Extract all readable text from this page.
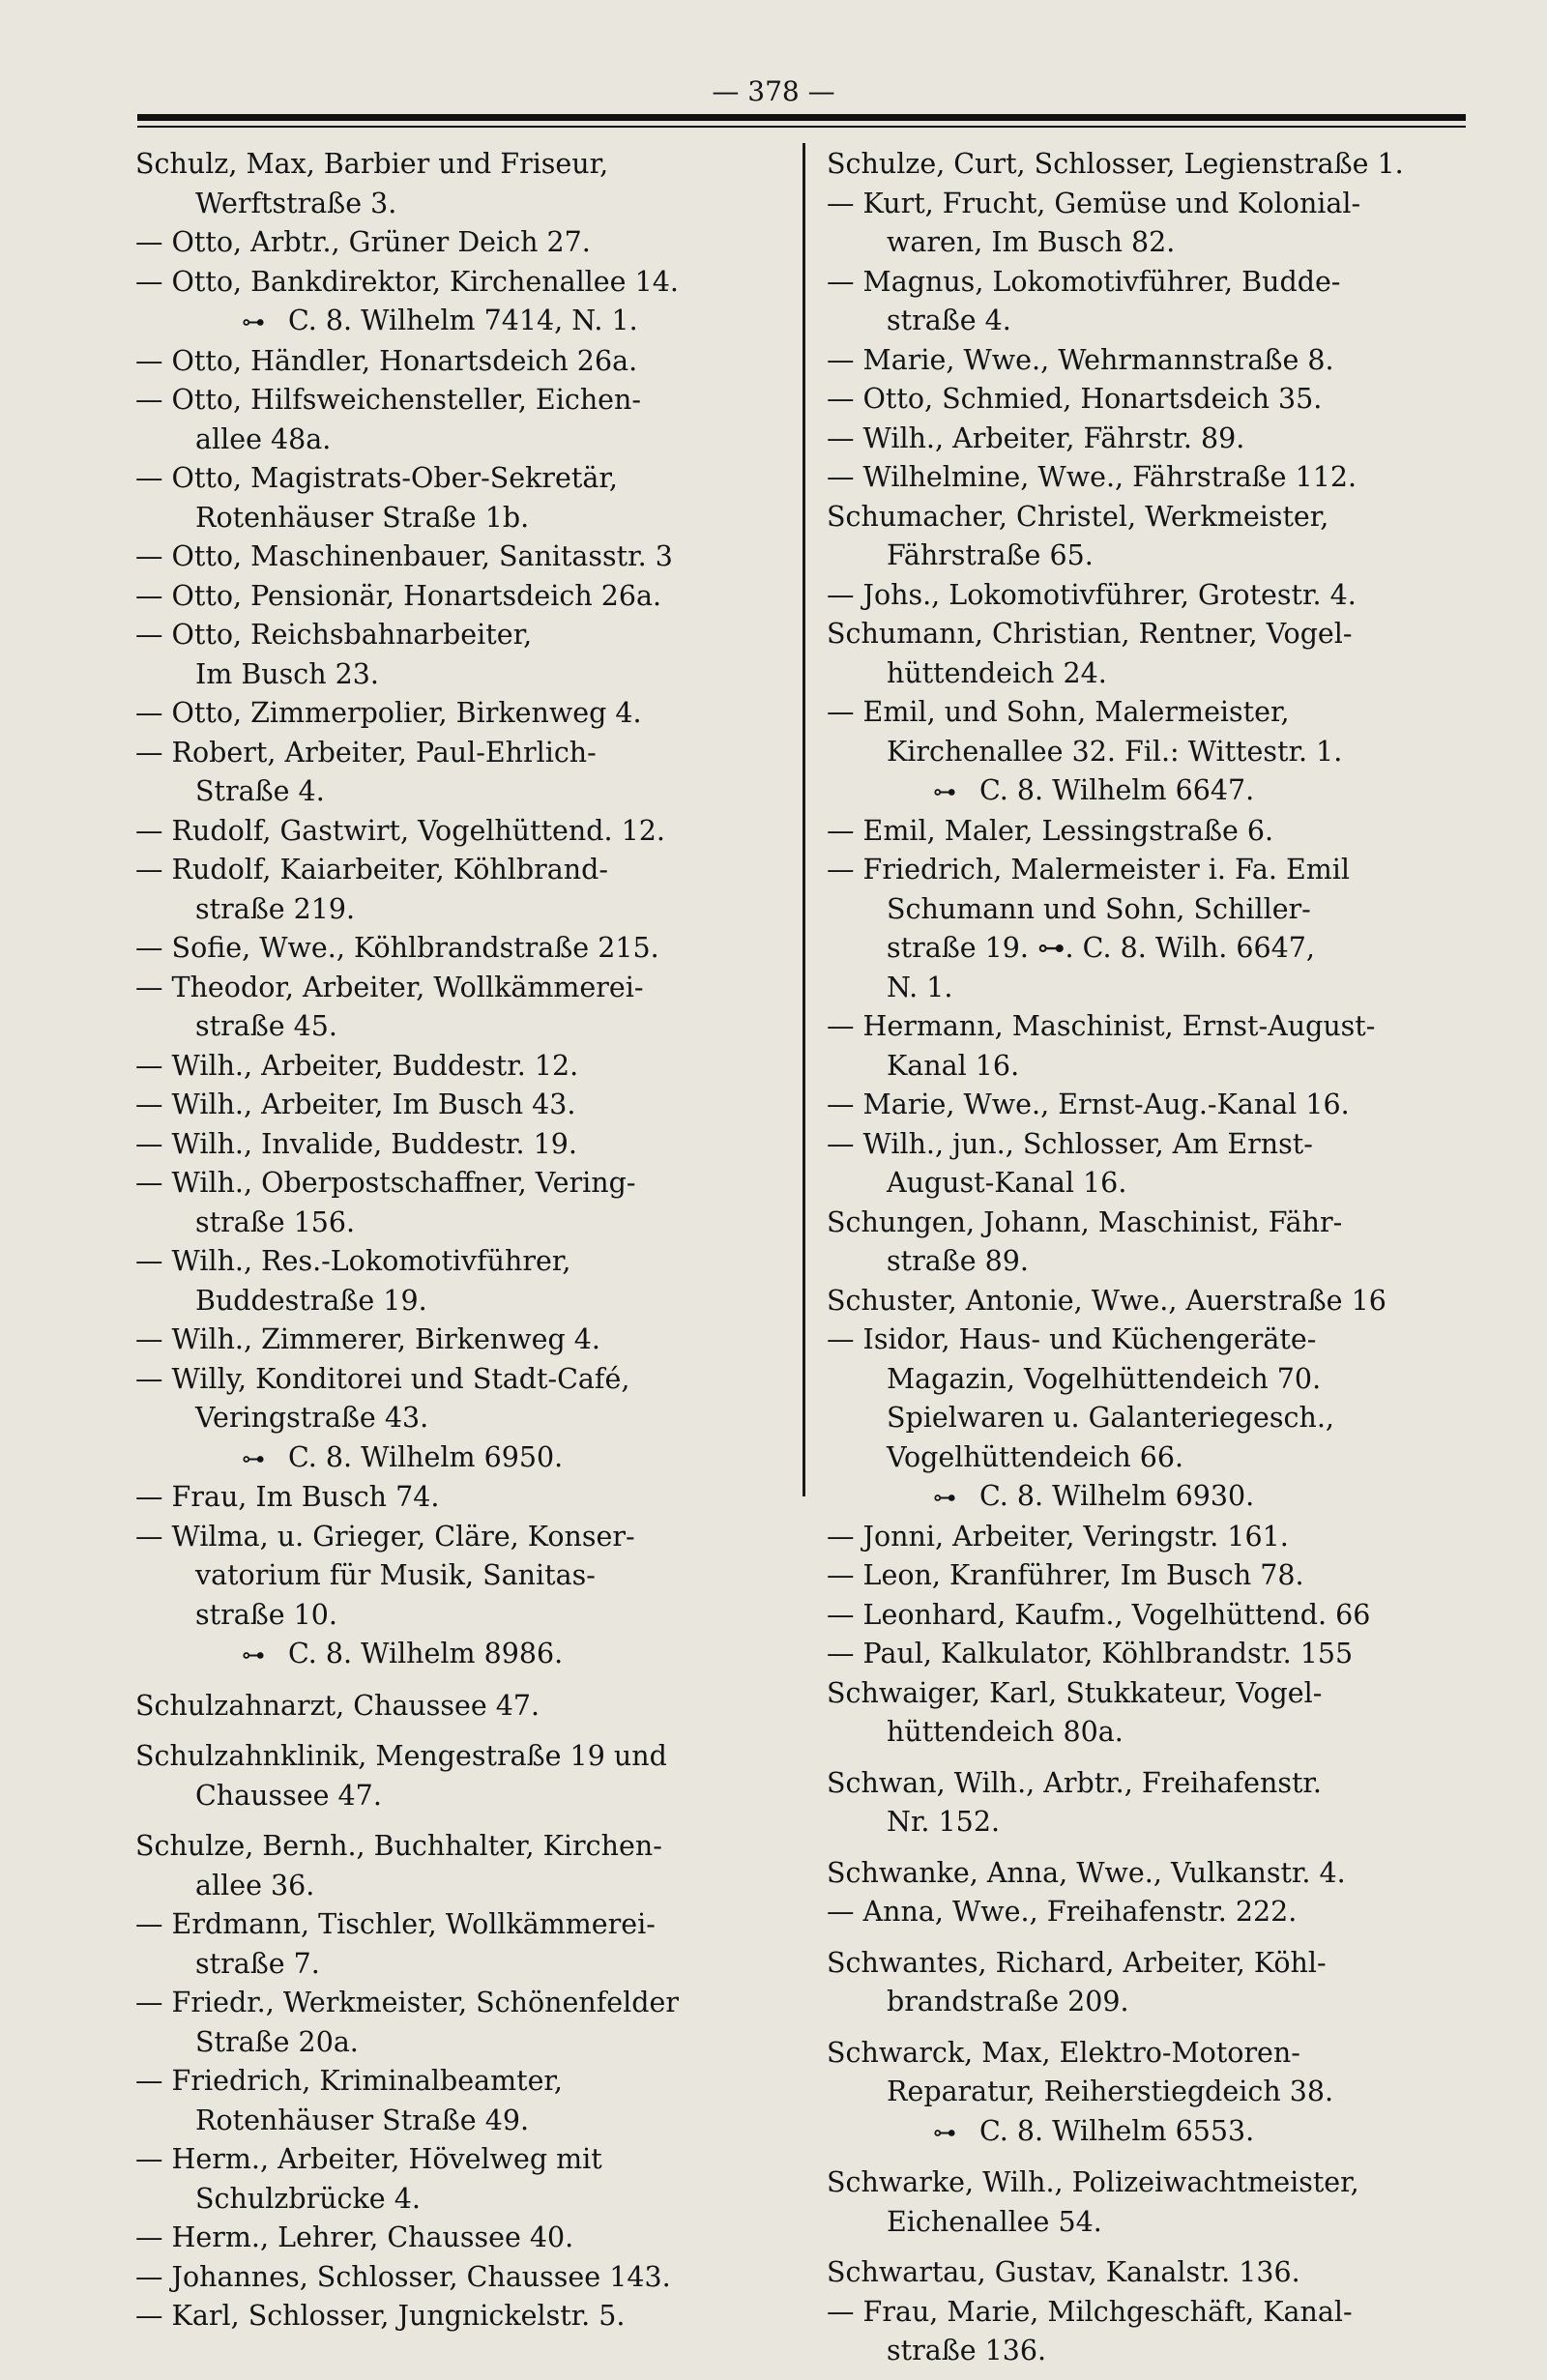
— 378 —
Schulz, Max, Barbier und Friseur,
Werftstraße 3.
— Otto, Arbtr., Grüner Deich 27.
— Otto, Bankdirektor, Kirchenallee 14.
⊶ C. 8. Wilhelm 7414, N. 1.
— Otto, Händler, Honartsdeich 26a.
— Otto, Hilfsweichensteller, Eichen-
allee 48a.
— Otto, Magistrats-Ober-Sekretär,
Rotenhäuser Straße 1b.
— Otto, Maschinenbauer, Sanitasstr. 3
— Otto, Pensionär, Honartsdeich 26a.
— Otto, Reichsbahnarbeiter,
Im Busch 23.
— Otto, Zimmerpolier, Birkenweg 4.
— Robert, Arbeiter, Paul-Ehrlich-
Straße 4.
— Rudolf, Gastwirt, Vogelhüttend. 12.
— Rudolf, Kaiarbeiter, Köhlbrand-
straße 219.
— Sofie, Wwe., Köhlbrandstraße 215.
— Theodor, Arbeiter, Wollkämmerei-
straße 45.
— Wilh., Arbeiter, Buddestr. 12.
— Wilh., Arbeiter, Im Busch 43.
— Wilh., Invalide, Buddestr. 19.
— Wilh., Oberpostschaffner, Vering-
straße 156.
— Wilh., Res.-Lokomotivführer,
Buddestraße 19.
— Wilh., Zimmerer, Birkenweg 4.
— Willy, Konditorei und Stadt-Café,
Veringstraße 43.
⊶ C. 8. Wilhelm 6950.
— Frau, Im Busch 74.
— Wilma, u. Grieger, Cläre, Konser-
vatorium für Musik, Sanitas-
straße 10.
⊶ C. 8. Wilhelm 8986.
Schulzahnarzt, Chaussee 47.
Schulzahnklinik, Mengestraße 19 und
Chaussee 47.
Schulze, Bernh., Buchhalter, Kirchen-
allee 36.
— Erdmann, Tischler, Wollkämmerei-
straße 7.
— Friedr., Werkmeister, Schönenfelder
Straße 20a.
— Friedrich, Kriminalbeamter,
Rotenhäuser Straße 49.
— Herm., Arbeiter, Hövelweg mit
Schulzbrücke 4.
— Herm., Lehrer, Chaussee 40.
— Johannes, Schlosser, Chaussee 143.
— Karl, Schlosser, Jungnickelstr. 5.
Schulze, Curt, Schlosser, Legienstraße 1.
— Kurt, Frucht, Gemüse und Kolonial-
waren, Im Busch 82.
— Magnus, Lokomotivführer, Budde-
straße 4.
— Marie, Wwe., Wehrmannstraße 8.
— Otto, Schmied, Honartsdeich 35.
— Wilh., Arbeiter, Fährstr. 89.
— Wilhelmine, Wwe., Fährstraße 112.
Schumacher, Christel, Werkmeister,
Fährstraße 65.
— Johs., Lokomotivführer, Grotestr. 4.
Schumann, Christian, Rentner, Vogel-
hüttendeich 24.
— Emil, und Sohn, Malermeister,
Kirchenallee 32. Fil.: Wittestr. 1.
⊶ C. 8. Wilhelm 6647.
— Emil, Maler, Lessingstraße 6.
— Friedrich, Malermeister i. Fa. Emil
Schumann und Sohn, Schiller-
straße 19. ⊶. C. 8. Wilh. 6647,
N. 1.
— Hermann, Maschinist, Ernst-August-
Kanal 16.
— Marie, Wwe., Ernst-Aug.-Kanal 16.
— Wilh., jun., Schlosser, Am Ernst-
August-Kanal 16.
Schungen, Johann, Maschinist, Fähr-
straße 89.
Schuster, Antonie, Wwe., Auerstraße 16
— Isidor, Haus- und Küchengeräte-
Magazin, Vogelhüttendeich 70.
Spielwaren u. Galanteriegesch.,
Vogelhüttendeich 66.
⊶ C. 8. Wilhelm 6930.
— Jonni, Arbeiter, Veringstr. 161.
— Leon, Kranführer, Im Busch 78.
— Leonhard, Kaufm., Vogelhüttend. 66
— Paul, Kalkulator, Köhlbrandstr. 155
Schwaiger, Karl, Stukkateur, Vogel-
hüttendeich 80a.
Schwan, Wilh., Arbtr., Freihafenstr.
Nr. 152.
Schwanke, Anna, Wwe., Vulkanstr. 4.
— Anna, Wwe., Freihafenstr. 222.
Schwantes, Richard, Arbeiter, Köhl-
brandstraße 209.
Schwarck, Max, Elektro-Motoren-
Reparatur, Reiherstiegdeich 38.
⊶ C. 8. Wilhelm 6553.
Schwarke, Wilh., Polizeiwachtmeister,
Eichenallee 54.
Schwartau, Gustav, Kanalstr. 136.
— Frau, Marie, Milchgeschäft, Kanal-
straße 136.
